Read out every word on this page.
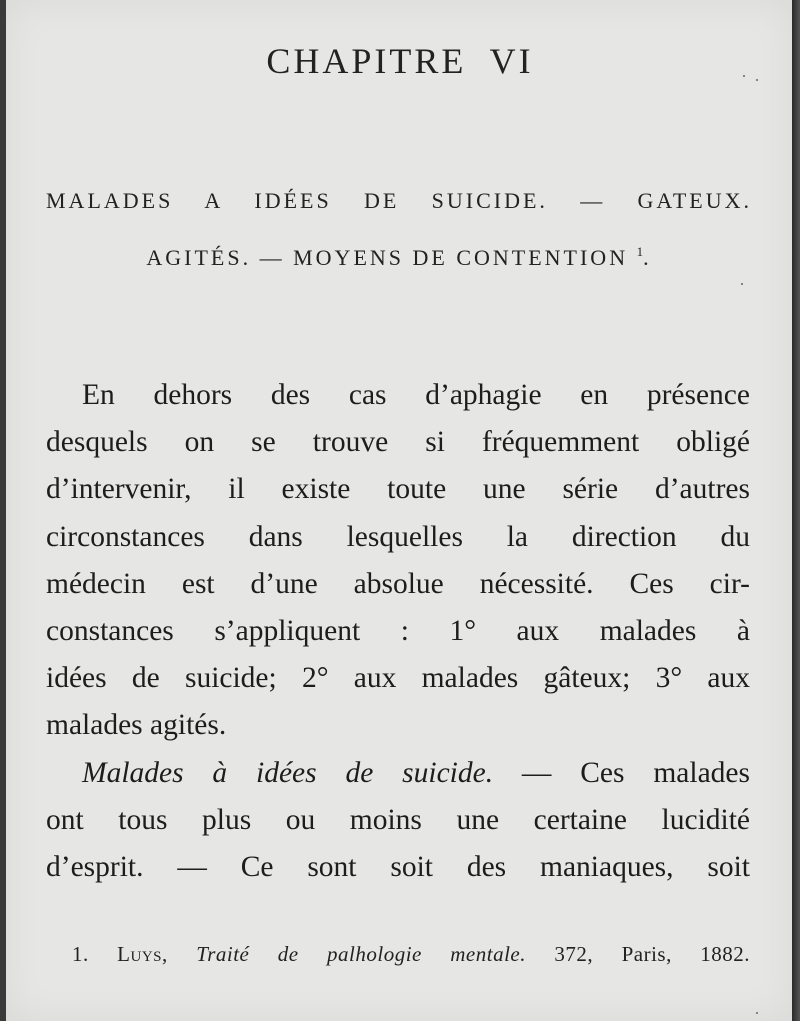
CHAPITRE VI
MALADES A IDÉES DE SUICIDE. — GATEUX.
AGITÉS. — MOYENS DE CONTENTION $^1$.
En dehors des cas d’aphagie en présence
desquels on se trouve si fréquemment obligé
d’intervenir, il existe toute une série d’autres
circonstances dans lesquelles la direction du
médecin est d’une absolue nécessité. Ces cir-
constances s’appliquent : 1° aux malades à
idées de suicide; 2° aux malades gâteux; 3° aux
malades agités.
Malades à idées de suicide. — Ces malades
ont tous plus ou moins une certaine lucidité
d’esprit. — Ce sont soit des maniaques, soit
1. Luys, Traité de palhologie mentale. 372, Paris, 1882.
